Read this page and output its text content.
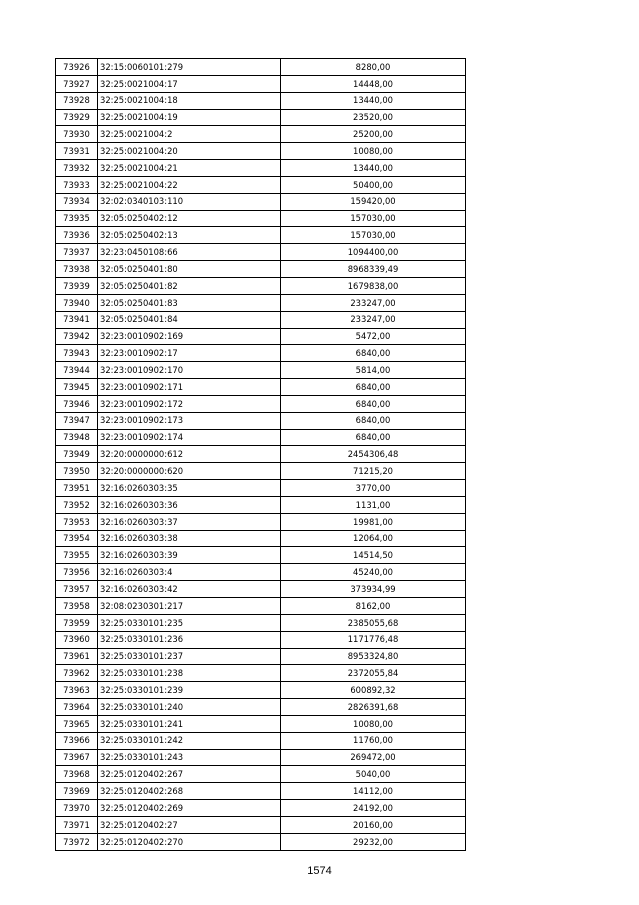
73926	32:15:0060101:279	8280,00
73927	32:25:0021004:17	14448,00
73928	32:25:0021004:18	13440,00
73929	32:25:0021004:19	23520,00
73930	32:25:0021004:2	25200,00
73931	32:25:0021004:20	10080,00
73932	32:25:0021004:21	13440,00
73933	32:25:0021004:22	50400,00
73934	32:02:0340103:110	159420,00
73935	32:05:0250402:12	157030,00
73936	32:05:0250402:13	157030,00
73937	32:23:0450108:66	1094400,00
73938	32:05:0250401:80	8968339,49
73939	32:05:0250401:82	1679838,00
73940	32:05:0250401:83	233247,00
73941	32:05:0250401:84	233247,00
73942	32:23:0010902:169	5472,00
73943	32:23:0010902:17	6840,00
73944	32:23:0010902:170	5814,00
73945	32:23:0010902:171	6840,00
73946	32:23:0010902:172	6840,00
73947	32:23:0010902:173	6840,00
73948	32:23:0010902:174	6840,00
73949	32:20:0000000:612	2454306,48
73950	32:20:0000000:620	71215,20
73951	32:16:0260303:35	3770,00
73952	32:16:0260303:36	1131,00
73953	32:16:0260303:37	19981,00
73954	32:16:0260303:38	12064,00
73955	32:16:0260303:39	14514,50
73956	32:16:0260303:4	45240,00
73957	32:16:0260303:42	373934,99
73958	32:08:0230301:217	8162,00
73959	32:25:0330101:235	2385055,68
73960	32:25:0330101:236	1171776,48
73961	32:25:0330101:237	8953324,80
73962	32:25:0330101:238	2372055,84
73963	32:25:0330101:239	600892,32
73964	32:25:0330101:240	2826391,68
73965	32:25:0330101:241	10080,00
73966	32:25:0330101:242	11760,00
73967	32:25:0330101:243	269472,00
73968	32:25:0120402:267	5040,00
73969	32:25:0120402:268	14112,00
73970	32:25:0120402:269	24192,00
73971	32:25:0120402:27	20160,00
73972	32:25:0120402:270	29232,00
1574
